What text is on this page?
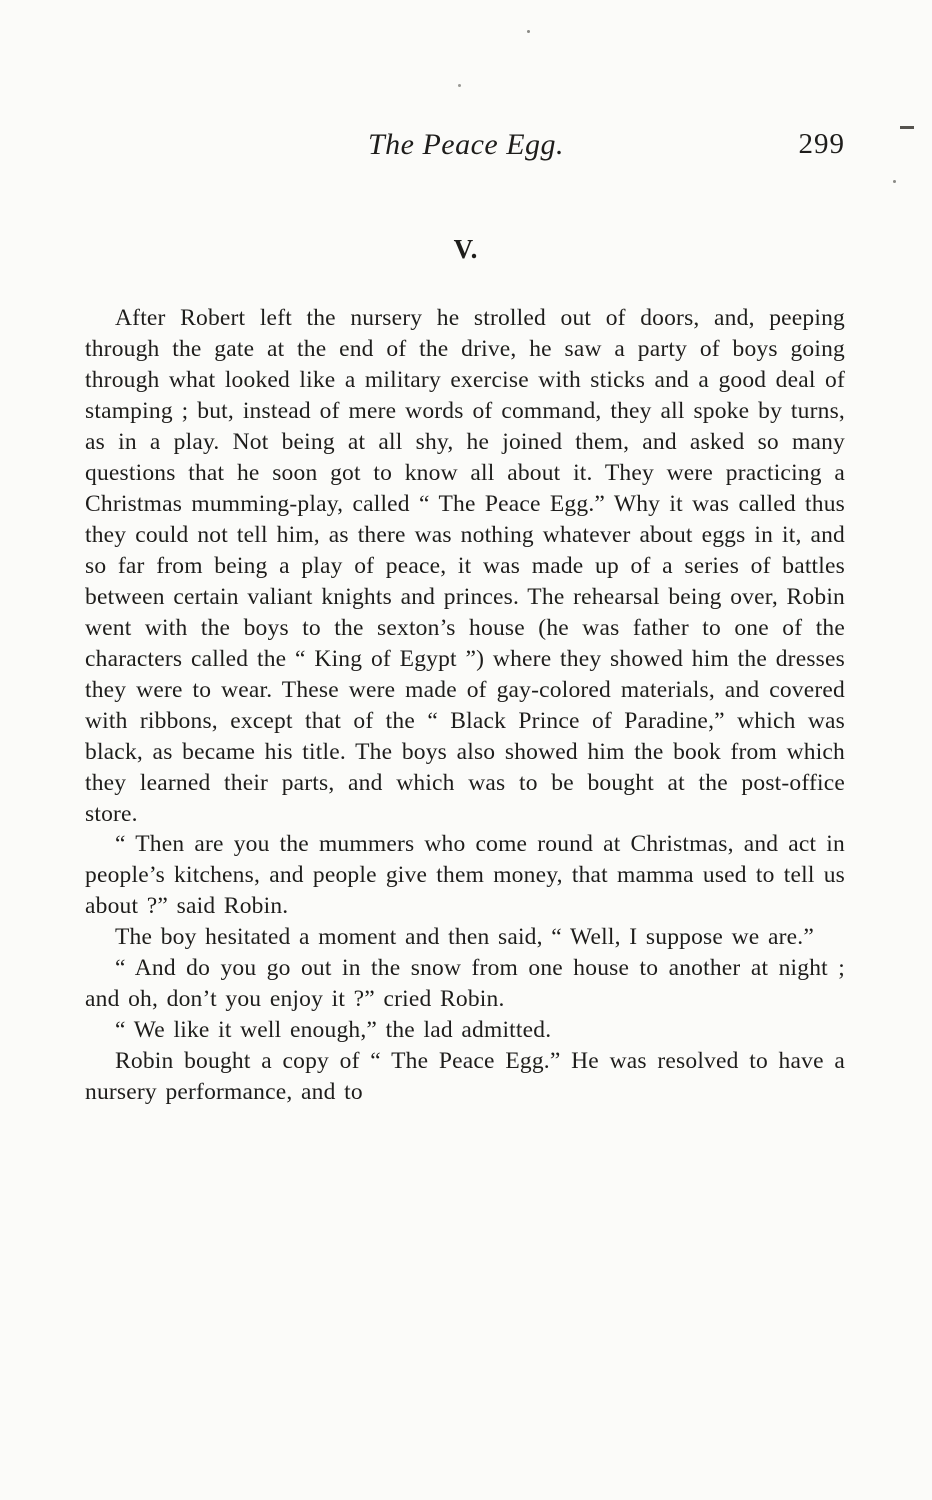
The Peace Egg.	299
V.

After Robert left the nursery he strolled out of doors, and, peeping through the gate at the end of the drive, he saw a party of boys going through what looked like a military exercise with sticks and a good deal of stamping ; but, instead of mere words of command, they all spoke by turns, as in a play. Not being at all shy, he joined them, and asked so many questions that he soon got to know all about it. They were practicing a Christmas mumming-play, called “ The Peace Egg.” Why it was called thus they could not tell him, as there was nothing whatever about eggs in it, and so far from being a play of peace, it was made up of a series of battles between certain valiant knights and princes. The rehearsal being over, Robin went with the boys to the sexton’s house (he was father to one of the characters called the “ King of Egypt ”) where they showed him the dresses they were to wear. These were made of gay-colored materials, and covered with ribbons, except that of the “ Black Prince of Paradine,” which was black, as became his title. The boys also showed him the book from which they learned their parts, and which was to be bought at the post-office store.

“ Then are you the mummers who come round at Christmas, and act in people’s kitchens, and people give them money, that mamma used to tell us about ?” said Robin.

The boy hesitated a moment and then said, “ Well, I suppose we are.”

“ And do you go out in the snow from one house to another at night ; and oh, don’t you enjoy it ?” cried Robin.

“ We like it well enough,” the lad admitted.

Robin bought a copy of “ The Peace Egg.” He was resolved to have a nursery performance, and to
